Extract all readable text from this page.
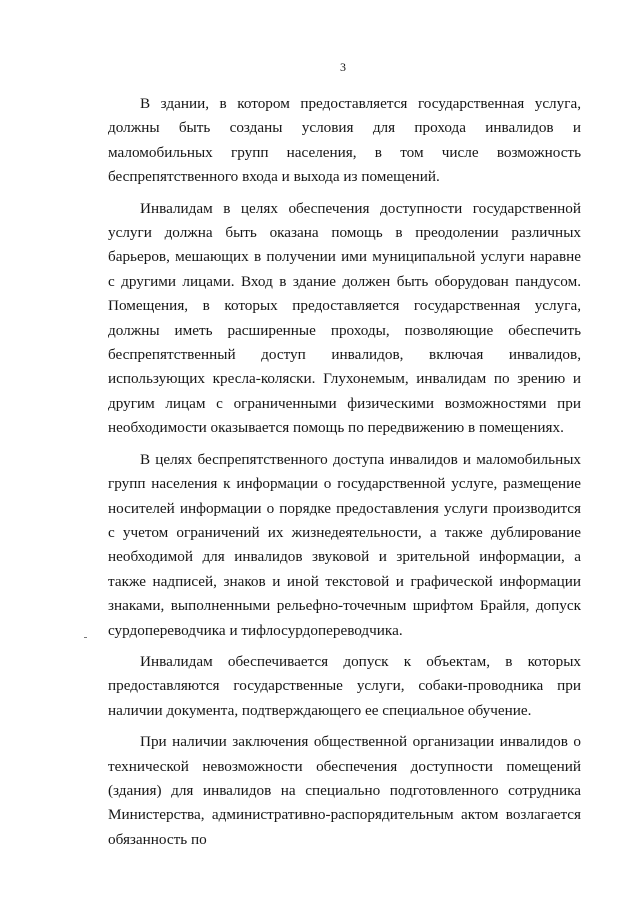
3

В здании, в котором предоставляется государственная услуга, должны быть созданы условия для прохода инвалидов и маломобильных групп населения, в том числе возможность беспрепятственного входа и выхода из помещений.

Инвалидам в целях обеспечения доступности государственной услуги должна быть оказана помощь в преодолении различных барьеров, мешающих в получении ими муниципальной услуги наравне с другими лицами. Вход в здание должен быть оборудован пандусом. Помещения, в которых предоставляется государственная услуга, должны иметь расширенные проходы, позволяющие обеспечить беспрепятственный доступ инвалидов, включая инвалидов, использующих кресла-коляски. Глухонемым, инвалидам по зрению и другим лицам с ограниченными физическими возможностями при необходимости оказывается помощь по передвижению в помещениях.

В целях беспрепятственного доступа инвалидов и маломобильных групп населения к информации о государственной услуге, размещение носителей информации о порядке предоставления услуги производится с учетом ограничений их жизнедеятельности, а также дублирование необходимой для инвалидов звуковой и зрительной информации, а также надписей, знаков и иной текстовой и графической информации знаками, выполненными рельефно-точечным шрифтом Брайля, допуск сурдопереводчика и тифлосурдопереводчика.

Инвалидам обеспечивается допуск к объектам, в которых предоставляются государственные услуги, собаки-проводника при наличии документа, подтверждающего ее специальное обучение.

При наличии заключения общественной организации инвалидов о технической невозможности обеспечения доступности помещений (здания) для инвалидов на специально подготовленного сотрудника Министерства, административно-распорядительным актом возлагается обязанность по
